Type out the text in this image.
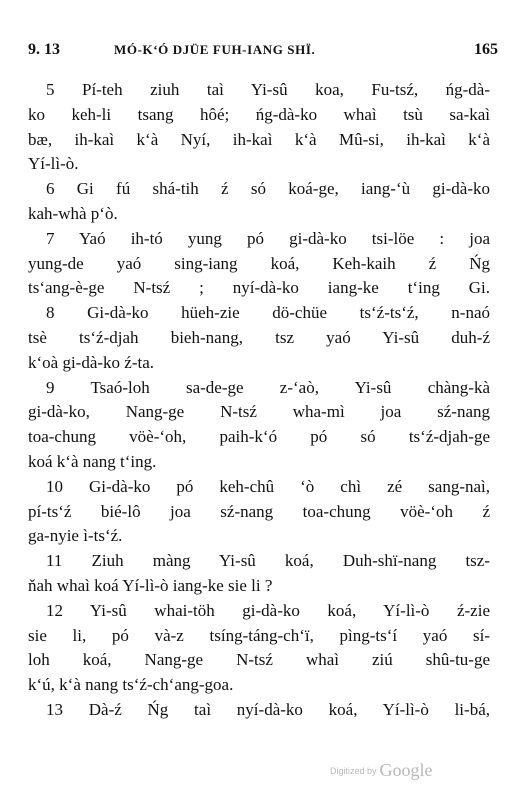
9. 13	MÓ-K‘Ó DJÜE FUH-IANG SHÏ.	165
5 Pí-teh ziuh taì Yi-sû koa, Fu-tsź, ńg-dà-
ko keh-li tsang hôé; ńg-dà-ko whaì tsù sa-kaì
bæ, ih-kaì k‘à Nyí, ih-kaì k‘à Mû-si, ih-kaì k‘à
Yí-lì-ò.
6 Gi fú shá-tih ź só koá-ge, iang-‘ù gi-dà-ko
kah-whà p‘ò.
7 Yaó ih-tó yung pó gi-dà-ko tsi-löe : joa
yung-de yaó sing-iang koá, Keh-kaih ź Ńg
ts‘ang-è-ge N-tsź ; nyí-dà-ko iang-ke t‘ing Gi.
8 Gi-dà-ko hüeh-zie dö-chüe ts‘ź-ts‘ź, n-naó
tsè ts‘ź-djah bieh-nang, tsz yaó Yi-sû duh-ź
k‘oà gi-dà-ko ź-ta.
9 Tsaó-loh sa-de-ge z-‘aò, Yi-sû chàng-kà
gi-dà-ko, Nang-ge N-tsź wha-mì joa sź-nang
toa-chung vöè-‘oh, paih-k‘ó pó só ts‘ź-djah-ge
koá k‘à nang t‘ing.
10 Gi-dà-ko pó keh-chû ‘ò chì zé sang-naì,
pí-ts‘ź bié-lô joa sź-nang toa-chung vöè-‘oh ź
ga-nyie ì-ts‘ź.
11 Ziuh màng Yi-sû koá, Duh-shï-nang tsz-
ňah whaì koá Yí-lì-ò iang-ke sie li ?
12 Yi-sû whai-töh gi-dà-ko koá, Yí-lì-ò ź-zie
sie li, pó và-z tsíng-táng-ch‘ï, pìng-ts‘í yaó sí-
loh koá, Nang-ge N-tsź whaì ziú shû-tu-ge
k‘ú, k‘à nang ts‘ź-ch‘ang-goa.
13 Dà-ź Ńg taì nyí-dà-ko koá, Yí-lì-ò li-bá,
Digitized by Google
